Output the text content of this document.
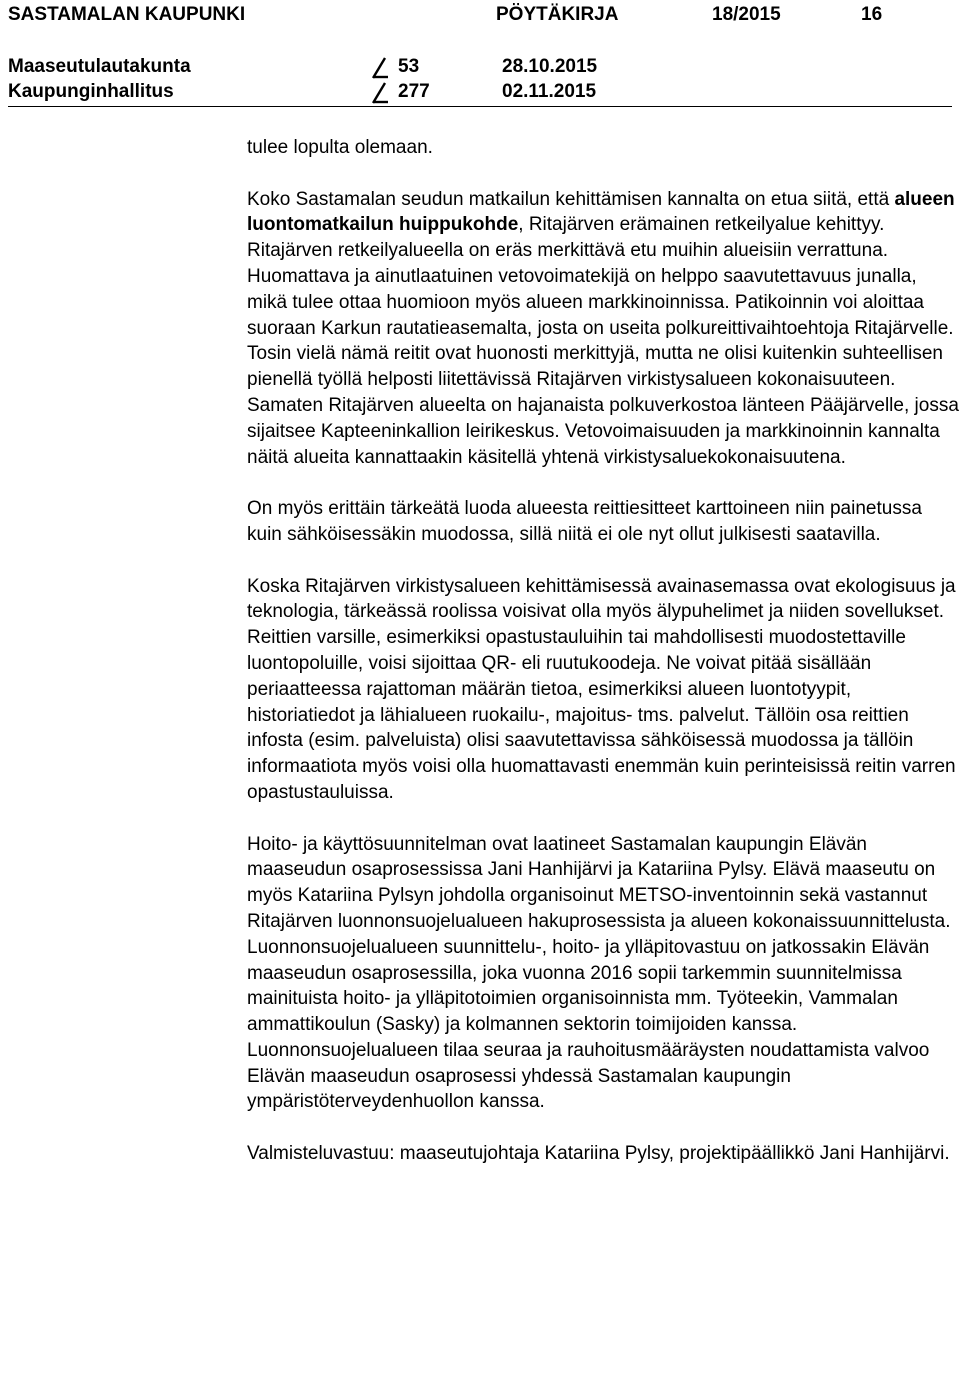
SASTAMALAN KAUPUNKI	PÖYTÄKIRJA	18/2015	16
Maaseutulautakunta	53	28.10.2015
Kaupunginhallitus	277	02.11.2015

tulee lopulta olemaan.

Koko Sastamalan seudun matkailun kehittämisen kannalta on etua siitä, että alueen luontomatkailun huippukohde, Ritajärven erämainen retkeilyalue kehittyy. Ritajärven retkeilyalueella on eräs merkittävä etu muihin alueisiin verrattuna. Huomattava ja ainutlaatuinen vetovoimatekijä on helppo saavutettavuus junalla, mikä tulee ottaa huomioon myös alueen markkinoinnissa. Patikoinnin voi aloittaa suoraan Karkun rautatieasemalta, josta on useita polkureittivaihtoehtoja Ritajärvelle. Tosin vielä nämä reitit ovat huonosti merkittyjä, mutta ne olisi kuitenkin suhteellisen pienellä työllä helposti liitettävissä Ritajärven virkistysalueen kokonaisuuteen. Samaten Ritajärven alueelta on hajanaista polkuverkostoa länteen Pääjärvelle, jossa sijaitsee Kapteeninkallion leirikeskus. Vetovoimaisuuden ja markkinoinnin kannalta näitä alueita kannattaakin käsitellä yhtenä virkistysaluekokonaisuutena.

On myös erittäin tärkeätä luoda alueesta reittiesitteet karttoineen niin painetussa kuin sähköisessäkin muodossa, sillä niitä ei ole nyt ollut julkisesti saatavilla.

Koska Ritajärven virkistysalueen kehittämisessä avainasemassa ovat ekologisuus ja teknologia, tärkeässä roolissa voisivat olla myös älypuhelimet ja niiden sovellukset. Reittien varsille, esimerkiksi opastustauluihin tai mahdollisesti muodostettaville luontopoluille, voisi sijoittaa QR- eli ruutukoodeja. Ne voivat pitää sisällään periaatteessa rajattoman määrän tietoa, esimerkiksi alueen luontotyypit, historiatiedot ja lähialueen ruokailu-, majoitus- tms. palvelut. Tällöin osa reittien infosta (esim. palveluista) olisi saavutettavissa sähköisessä muodossa ja tällöin informaatiota myös voisi olla huomattavasti enemmän kuin perinteisissä reitin varren opastustauluissa.

Hoito- ja käyttösuunnitelman ovat laatineet Sastamalan kaupungin Elävän maaseudun osaprosessissa Jani Hanhijärvi ja Katariina Pylsy. Elävä maaseutu on myös Katariina Pylsyn johdolla organisoinut METSO-inventoinnin sekä vastannut Ritajärven luonnonsuojelualueen hakuprosessista ja alueen kokonaissuunnittelusta. Luonnonsuojelualueen suunnittelu-, hoito- ja ylläpitovastuu on jatkossakin Elävän maaseudun osaprosessilla, joka vuonna 2016 sopii tarkemmin suunnitelmissa mainituista hoito- ja ylläpitotoimien organisoinnista mm. Työteekin, Vammalan ammattikoulun (Sasky) ja kolmannen sektorin toimijoiden kanssa. Luonnonsuojelualueen tilaa seuraa ja rauhoitusmääräysten noudattamista valvoo Elävän maaseudun osaprosessi yhdessä Sastamalan kaupungin ympäristöterveydenhuollon kanssa.

Valmisteluvastuu: maaseutujohtaja Katariina Pylsy, projektipäällikkö Jani Hanhijärvi.
